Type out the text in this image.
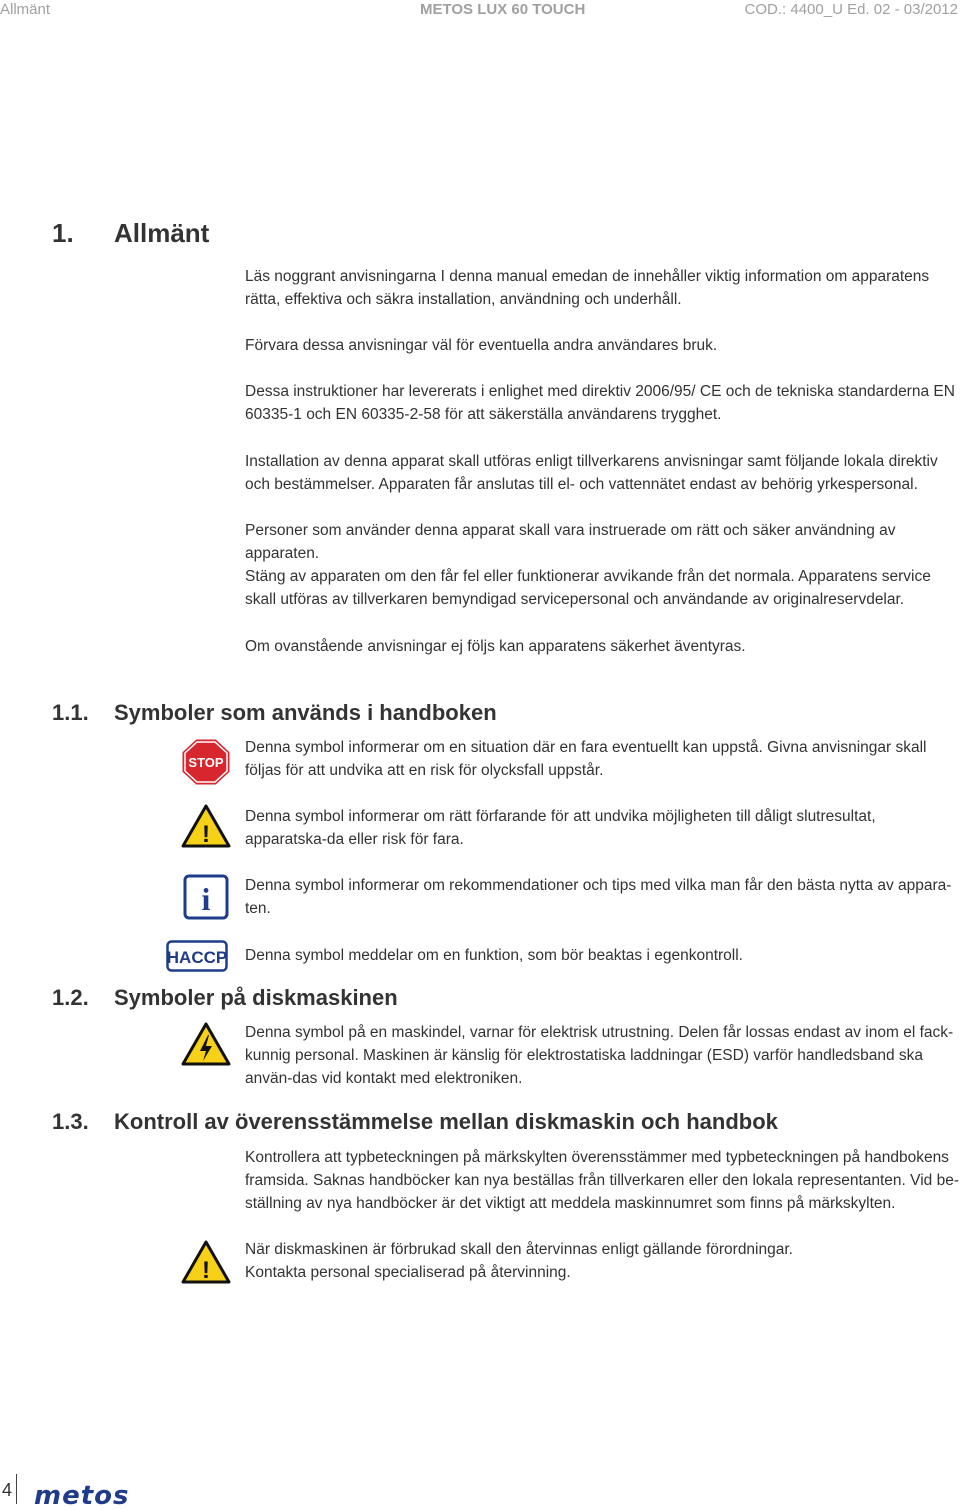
Allmänt	METOS LUX 60 TOUCH	COD.: 4400_U Ed. 02 - 03/2012
1. Allmänt

Läs noggrant anvisningarna I denna manual emedan de innehåller viktig information om apparatens rätta, effektiva och säkra installation, användning och underhåll.

Förvara dessa anvisningar väl för eventuella andra användares bruk.

Dessa instruktioner har levererats i enlighet med direktiv 2006/95/ CE och de tekniska standarderna EN 60335-1 och EN 60335-2-58 för att säkerställa användarens trygghet.

Installation av denna apparat skall utföras enligt tillverkarens anvisningar samt följande lokala direktiv och bestämmelser. Apparaten får anslutas till el- och vattennätet endast av behörig yrkespersonal.

Personer som använder denna apparat skall vara instruerade om rätt och säker användning av apparaten.

Stäng av apparaten om den får fel eller funktionerar avvikande från det normala. Apparatens service skall utföras av tillverkaren bemyndigad servicepersonal och användande av originalreservdelar.

Om ovanstående anvisningar ej följs kan apparatens säkerhet äventyras.

1.1. Symboler som används i handboken
STOP

Denna symbol informerar om en situation där en fara eventuellt kan uppstå. Givna anvisningar skall följas för att undvika att en risk för olycksfall uppstår.

!

Denna symbol informerar om rätt förfarande för att undvika möjligheten till dåligt slutresultat, apparatska-da eller risk för fara.

i Denna symbol informerar om rekommendationer och tips med vilka man får den bästa nytta av appara-ten.

HACCP Denna symbol meddelar om en funktion, som bör beaktas i egenkontroll.

1.2. Symboler på diskmaskinen

Denna symbol på en maskindel, varnar för elektrisk utrustning. Delen får lossas endast av inom el fack-kunnig personal. Maskinen är känslig för elektrostatiska laddningar (ESD) varför handledsband ska använ-das vid kontakt med elektroniken.

1.3. Kontroll av överensstämmelse mellan diskmaskin och handbok

Kontrollera att typbeteckningen på märkskylten överensstämmer med typbeteckningen på handbokens framsida. Saknas handböcker kan nya beställas från tillverkaren eller den lokala representanten. Vid be-ställning av nya handböcker är det viktigt att meddela maskinnumret som finns på märkskylten.

!

När diskmaskinen är förbrukad skall den återvinnas enligt gällande förordningar.
Kontakta personal specialiserad på återvinning.

4 metos
